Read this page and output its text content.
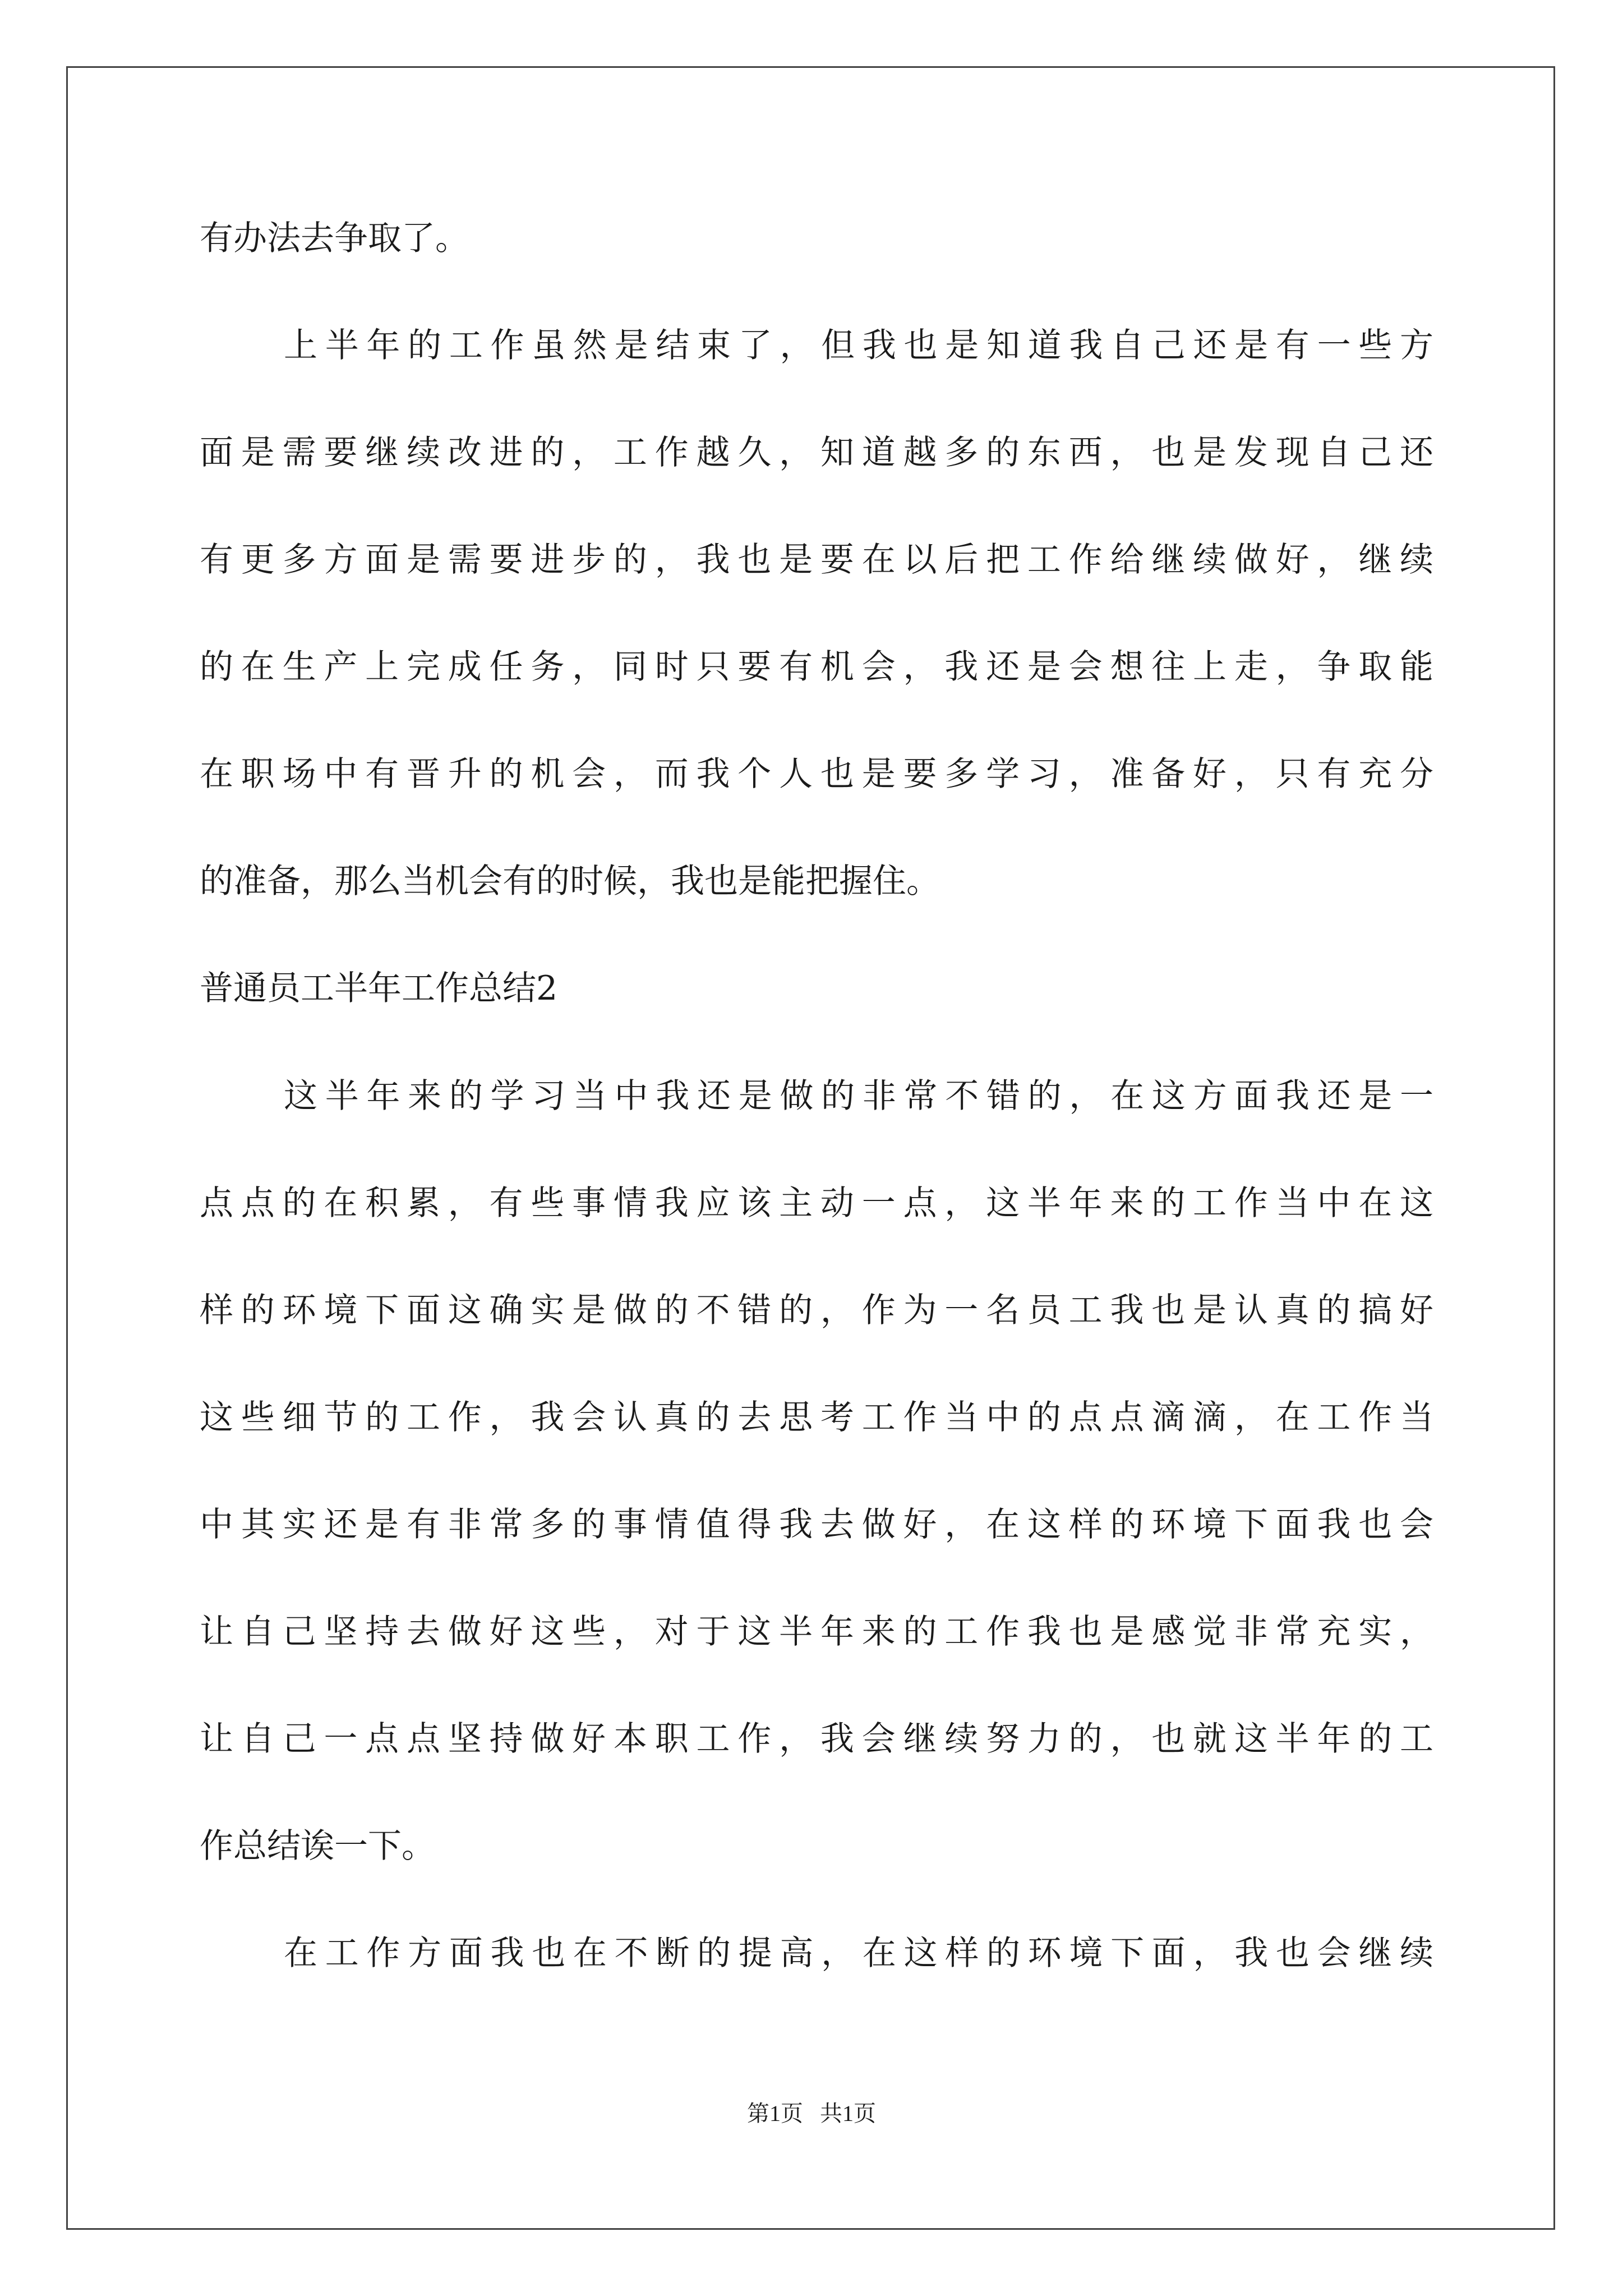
有办法去争取了。

上半年的工作虽然是结束了，但我也是知道我自己还是有一些方

面是需要继续改进的，工作越久，知道越多的东西，也是发现自己还

有更多方面是需要进步的，我也是要在以后把工作给继续做好，继续

的在生产上完成任务，同时只要有机会，我还是会想往上走，争取能

在职场中有晋升的机会，而我个人也是要多学习，准备好，只有充分

的准备，那么当机会有的时候，我也是能把握住。

普通员工半年工作总结2

这半年来的学习当中我还是做的非常不错的，在这方面我还是一

点点的在积累，有些事情我应该主动一点，这半年来的工作当中在这

样的环境下面这确实是做的不错的，作为一名员工我也是认真的搞好

这些细节的工作，我会认真的去思考工作当中的点点滴滴，在工作当

中其实还是有非常多的事情值得我去做好，在这样的环境下面我也会

让自己坚持去做好这些，对于这半年来的工作我也是感觉非常充实，

让自己一点点坚持做好本职工作，我会继续努力的，也就这半年的工

作总结诶一下。

在工作方面我也在不断的提高，在这样的环境下面，我也会继续

第1页   共1页
